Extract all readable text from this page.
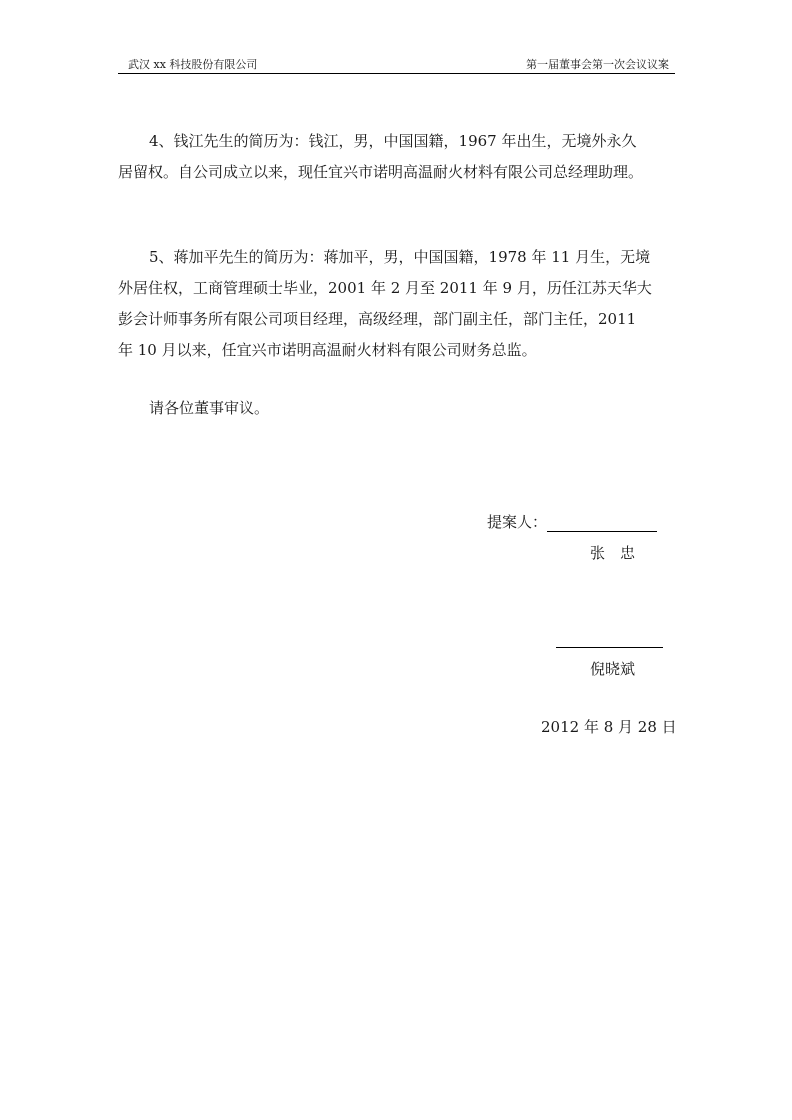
武汉 xx 科技股份有限公司	第一届董事会第一次会议议案
4、钱江先生的简历为：钱江，男，中国国籍，1967 年出生，无境外永久
居留权。自公司成立以来，现任宜兴市诺明高温耐火材料有限公司总经理助理。
5、蒋加平先生的简历为：蒋加平，男，中国国籍，1978 年 11 月生，无境
外居住权，工商管理硕士毕业，2001 年 2 月至 2011 年 9 月，历任江苏天华大
彭会计师事务所有限公司项目经理，高级经理，部门副主任，部门主任，2011
年 10 月以来，任宜兴市诺明高温耐火材料有限公司财务总监。
请各位董事审议。
提案人：
张　忠
倪晓斌
2012 年 8 月 28 日
